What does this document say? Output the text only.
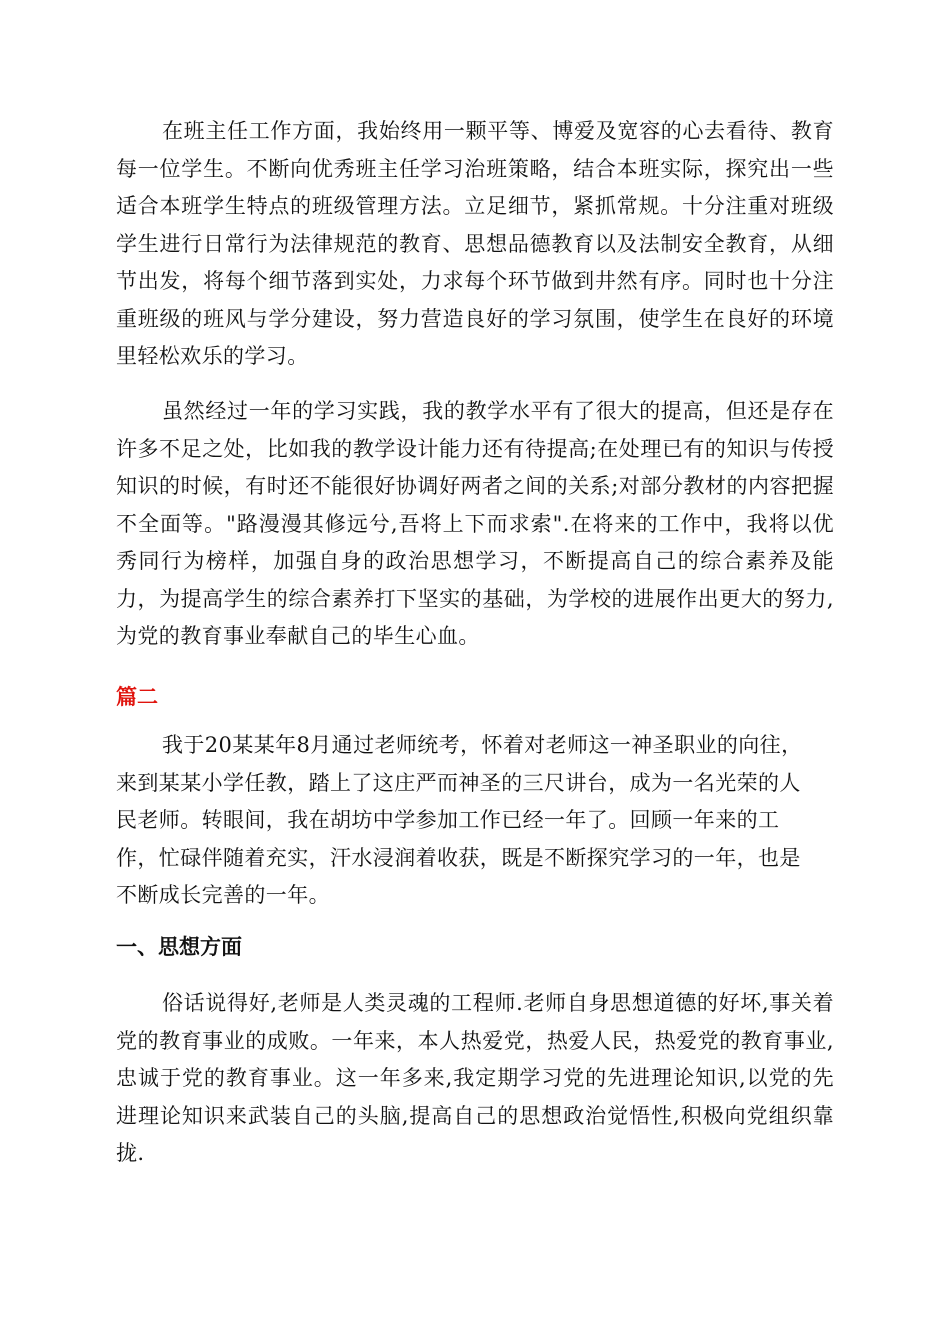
在班主任工作方面，我始终用一颗平等、博爱及宽容的心去看待、教育每一位学生。不断向优秀班主任学习治班策略，结合本班实际，探究出一些适合本班学生特点的班级管理方法。立足细节，紧抓常规。十分注重对班级学生进行日常行为法律规范的教育、思想品德教育以及法制安全教育，从细节出发，将每个细节落到实处，力求每个环节做到井然有序。同时也十分注重班级的班风与学分建设，努力营造良好的学习氛围，使学生在良好的环境里轻松欢乐的学习。

虽然经过一年的学习实践，我的教学水平有了很大的提高，但还是存在许多不足之处，比如我的教学设计能力还有待提高;在处理已有的知识与传授知识的时候，有时还不能很好协调好两者之间的关系;对部分教材的内容把握不全面等。"路漫漫其修远兮,吾将上下而求索".在将来的工作中，我将以优秀同行为榜样，加强自身的政治思想学习，不断提高自己的综合素养及能力，为提高学生的综合素养打下坚实的基础，为学校的进展作出更大的努力,为党的教育事业奉献自己的毕生心血。

篇二

我于20某某年8月通过老师统考，怀着对老师这一神圣职业的向往，来到某某小学任教，踏上了这庄严而神圣的三尺讲台，成为一名光荣的人民老师。转眼间，我在胡坊中学参加工作已经一年了。回顾一年来的工作，忙碌伴随着充实，汗水浸润着收获，既是不断探究学习的一年，也是不断成长完善的一年。

一、思想方面

俗话说得好,老师是人类灵魂的工程师.老师自身思想道德的好坏,事关着党的教育事业的成败。一年来，本人热爱党，热爱人民，热爱党的教育事业,忠诚于党的教育事业。这一年多来,我定期学习党的先进理论知识,以党的先进理论知识来武装自己的头脑,提高自己的思想政治觉悟性,积极向党组织靠拢.
